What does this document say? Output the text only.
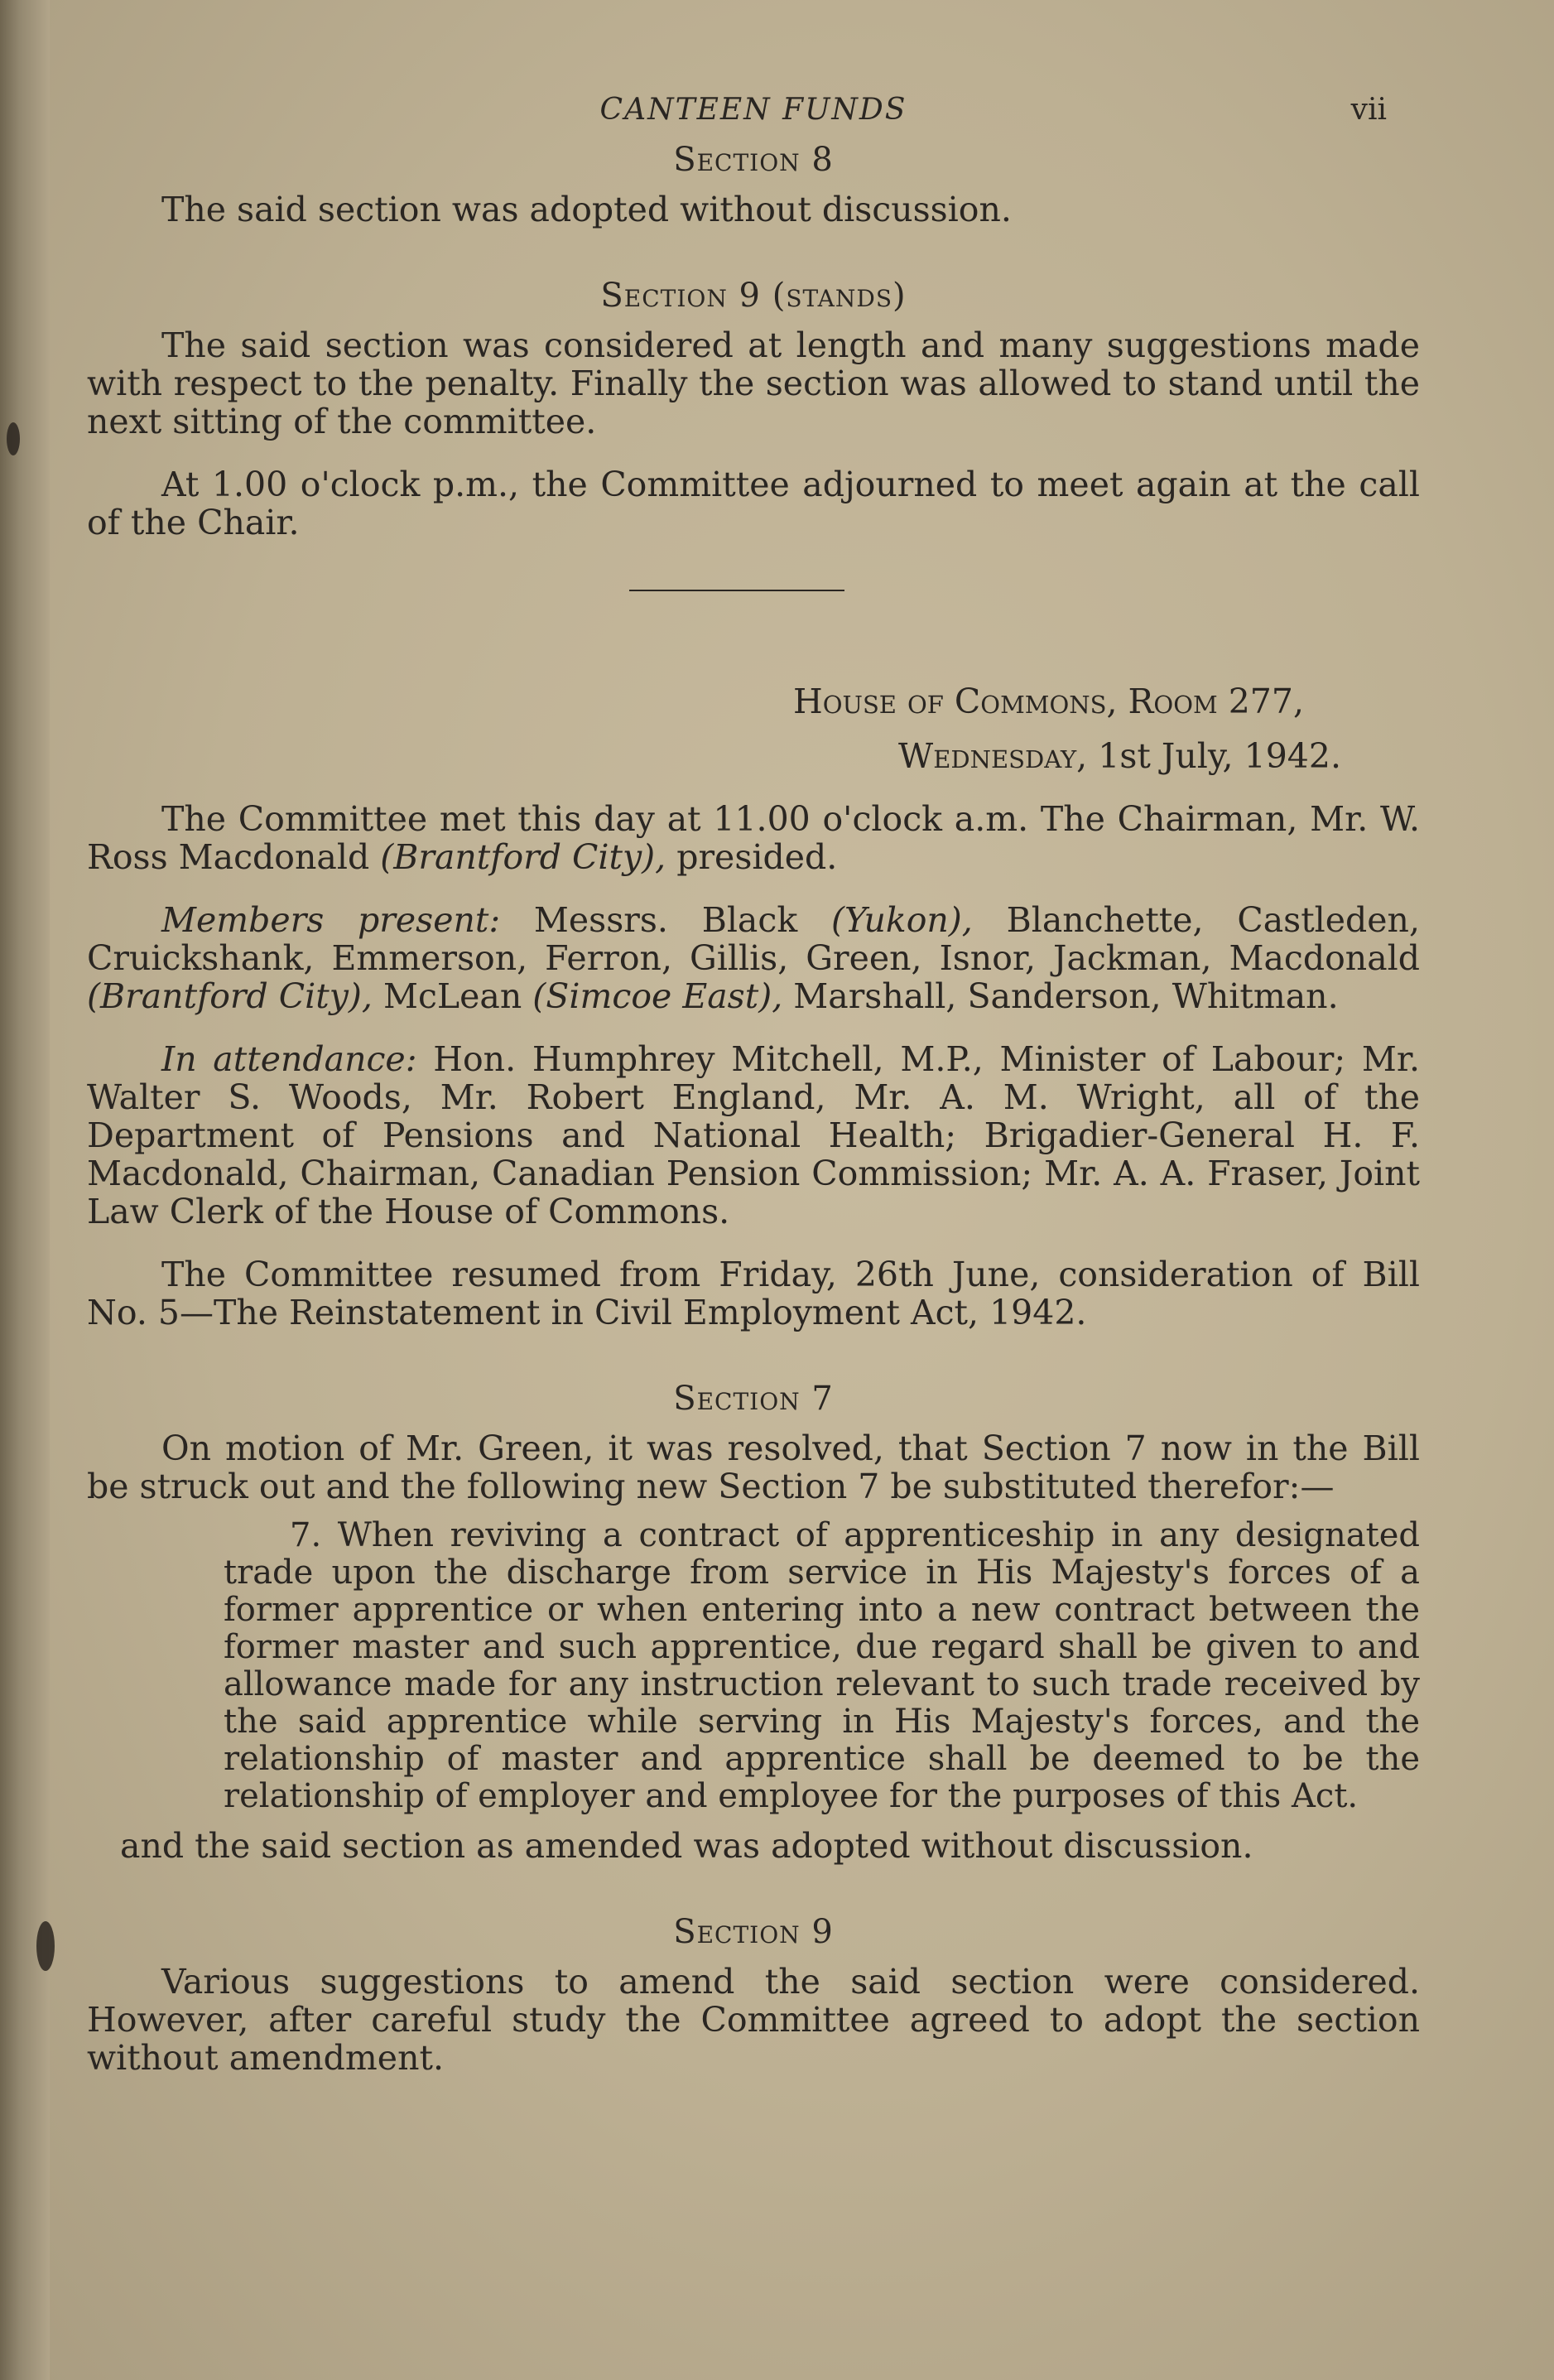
CANTEEN FUNDS	vii
Section 8

The said section was adopted without discussion.

Section 9 (stands)

The said section was considered at length and many suggestions made with respect to the penalty. Finally the section was allowed to stand until the next sitting of the committee.

At 1.00 o'clock p.m., the Committee adjourned to meet again at the call of the Chair.

House of Commons, Room 277,
Wednesday, 1st July, 1942.

The Committee met this day at 11.00 o'clock a.m. The Chairman, Mr. W. Ross Macdonald (Brantford City), presided.

Members present: Messrs. Black (Yukon), Blanchette, Castleden, Cruickshank, Emmerson, Ferron, Gillis, Green, Isnor, Jackman, Macdonald (Brantford City), McLean (Simcoe East), Marshall, Sanderson, Whitman.

In attendance: Hon. Humphrey Mitchell, M.P., Minister of Labour; Mr. Walter S. Woods, Mr. Robert England, Mr. A. M. Wright, all of the Department of Pensions and National Health; Brigadier-General H. F. Macdonald, Chairman, Canadian Pension Commission; Mr. A. A. Fraser, Joint Law Clerk of the House of Commons.

The Committee resumed from Friday, 26th June, consideration of Bill No. 5—The Reinstatement in Civil Employment Act, 1942.

Section 7

On motion of Mr. Green, it was resolved, that Section 7 now in the Bill be struck out and the following new Section 7 be substituted therefor:—

7. When reviving a contract of apprenticeship in any designated trade upon the discharge from service in His Majesty's forces of a former apprentice or when entering into a new contract between the former master and such apprentice, due regard shall be given to and allowance made for any instruction relevant to such trade received by the said apprentice while serving in His Majesty's forces, and the relationship of master and apprentice shall be deemed to be the relationship of employer and employee for the purposes of this Act.

and the said section as amended was adopted without discussion.

Section 9

Various suggestions to amend the said section were considered. However, after careful study the Committee agreed to adopt the section without amendment.
